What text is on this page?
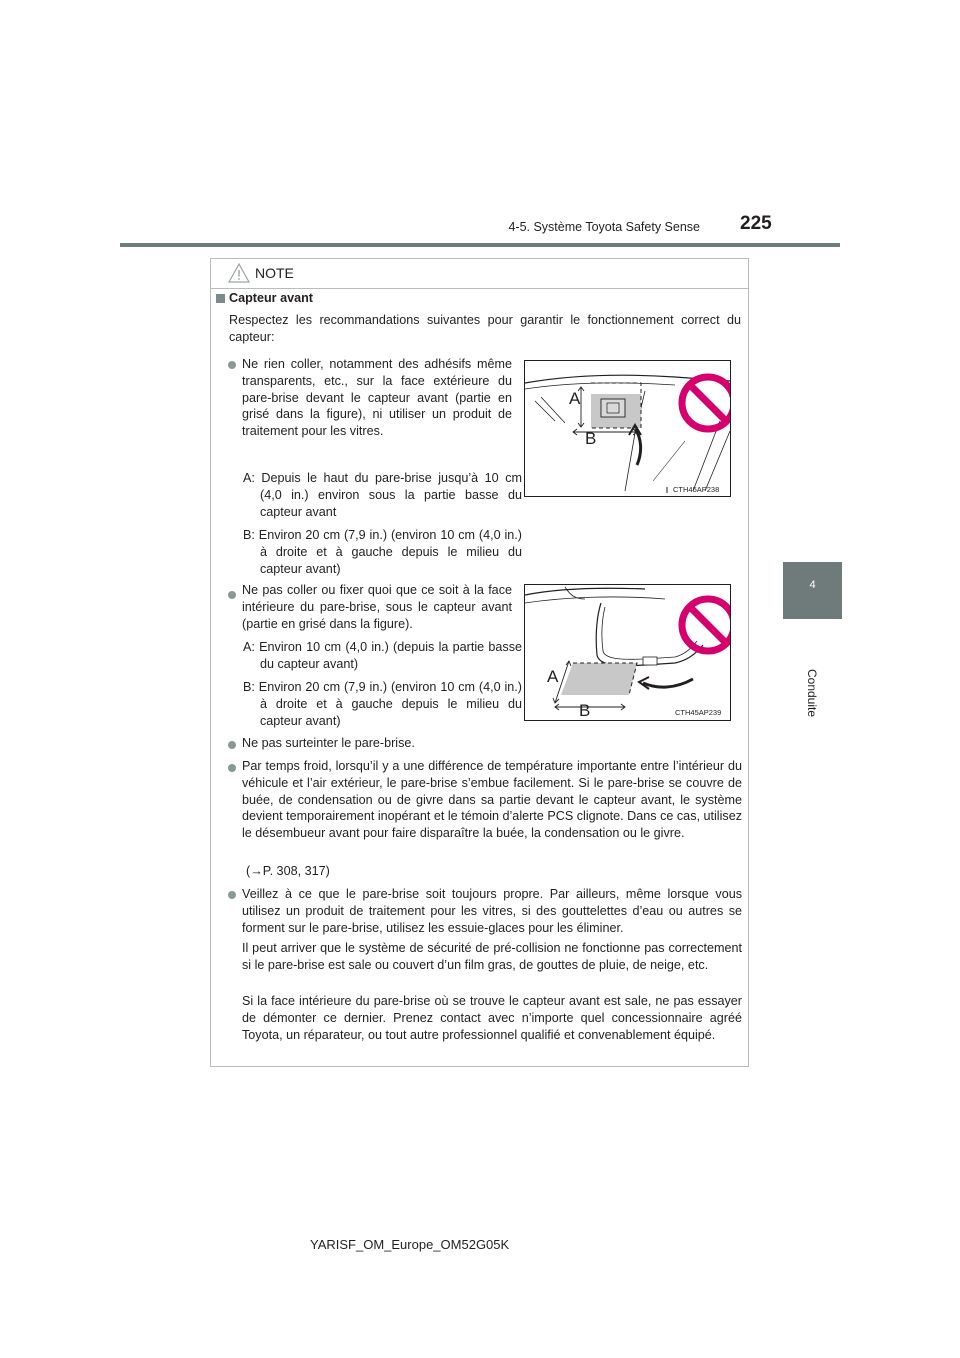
4-5. Système Toyota Safety Sense 225
4
Conduite
NOTE
Capteur avant
Respectez les recommandations suivantes pour garantir le fonctionnement correct du capteur:
Ne rien coller, notamment des adhésifs même transparents, etc., sur la face extérieure du pare-brise devant le capteur avant (partie en grisé dans la figure), ni utiliser un produit de traitement pour les vitres.
A: Depuis le haut du pare-brise jusqu’à 10 cm (4,0 in.) environ sous la partie basse du capteur avant
B: Environ 20 cm (7,9 in.) (environ 10 cm (4,0 in.) à droite et à gauche depuis le milieu du capteur avant)
A
B
CTH45AP238
Ne pas coller ou fixer quoi que ce soit à la face intérieure du pare-brise, sous le capteur avant (partie en grisé dans la figure).
A: Environ 10 cm (4,0 in.) (depuis la partie basse du capteur avant)
B: Environ 20 cm (7,9 in.) (environ 10 cm (4,0 in.) à droite et à gauche depuis le milieu du capteur avant)
A
B	CTH45AP239
Ne pas surteinter le pare-brise.
Par temps froid, lorsqu’il y a une différence de température importante entre l’intérieur du véhicule et l’air extérieur, le pare-brise s’embue facilement. Si le pare-brise se couvre de buée, de condensation ou de givre dans sa partie devant le capteur avant, le système devient temporairement inopérant et le témoin d’alerte PCS clignote. Dans ce cas, utilisez le désembueur avant pour faire disparaître la buée, la condensation ou le givre.
(→P. 308, 317)
Veillez à ce que le pare-brise soit toujours propre. Par ailleurs, même lorsque vous utilisez un produit de traitement pour les vitres, si des gouttelettes d’eau ou autres se forment sur le pare-brise, utilisez les essuie-glaces pour les éliminer.
Il peut arriver que le système de sécurité de pré-collision ne fonctionne pas correctement si le pare-brise est sale ou couvert d’un film gras, de gouttes de pluie, de neige, etc.
Si la face intérieure du pare-brise où se trouve le capteur avant est sale, ne pas essayer de démonter ce dernier. Prenez contact avec n’importe quel concessionnaire agréé Toyota, un réparateur, ou tout autre professionnel qualifié et convenablement équipé.
YARISF_OM_Europe_OM52G05K
